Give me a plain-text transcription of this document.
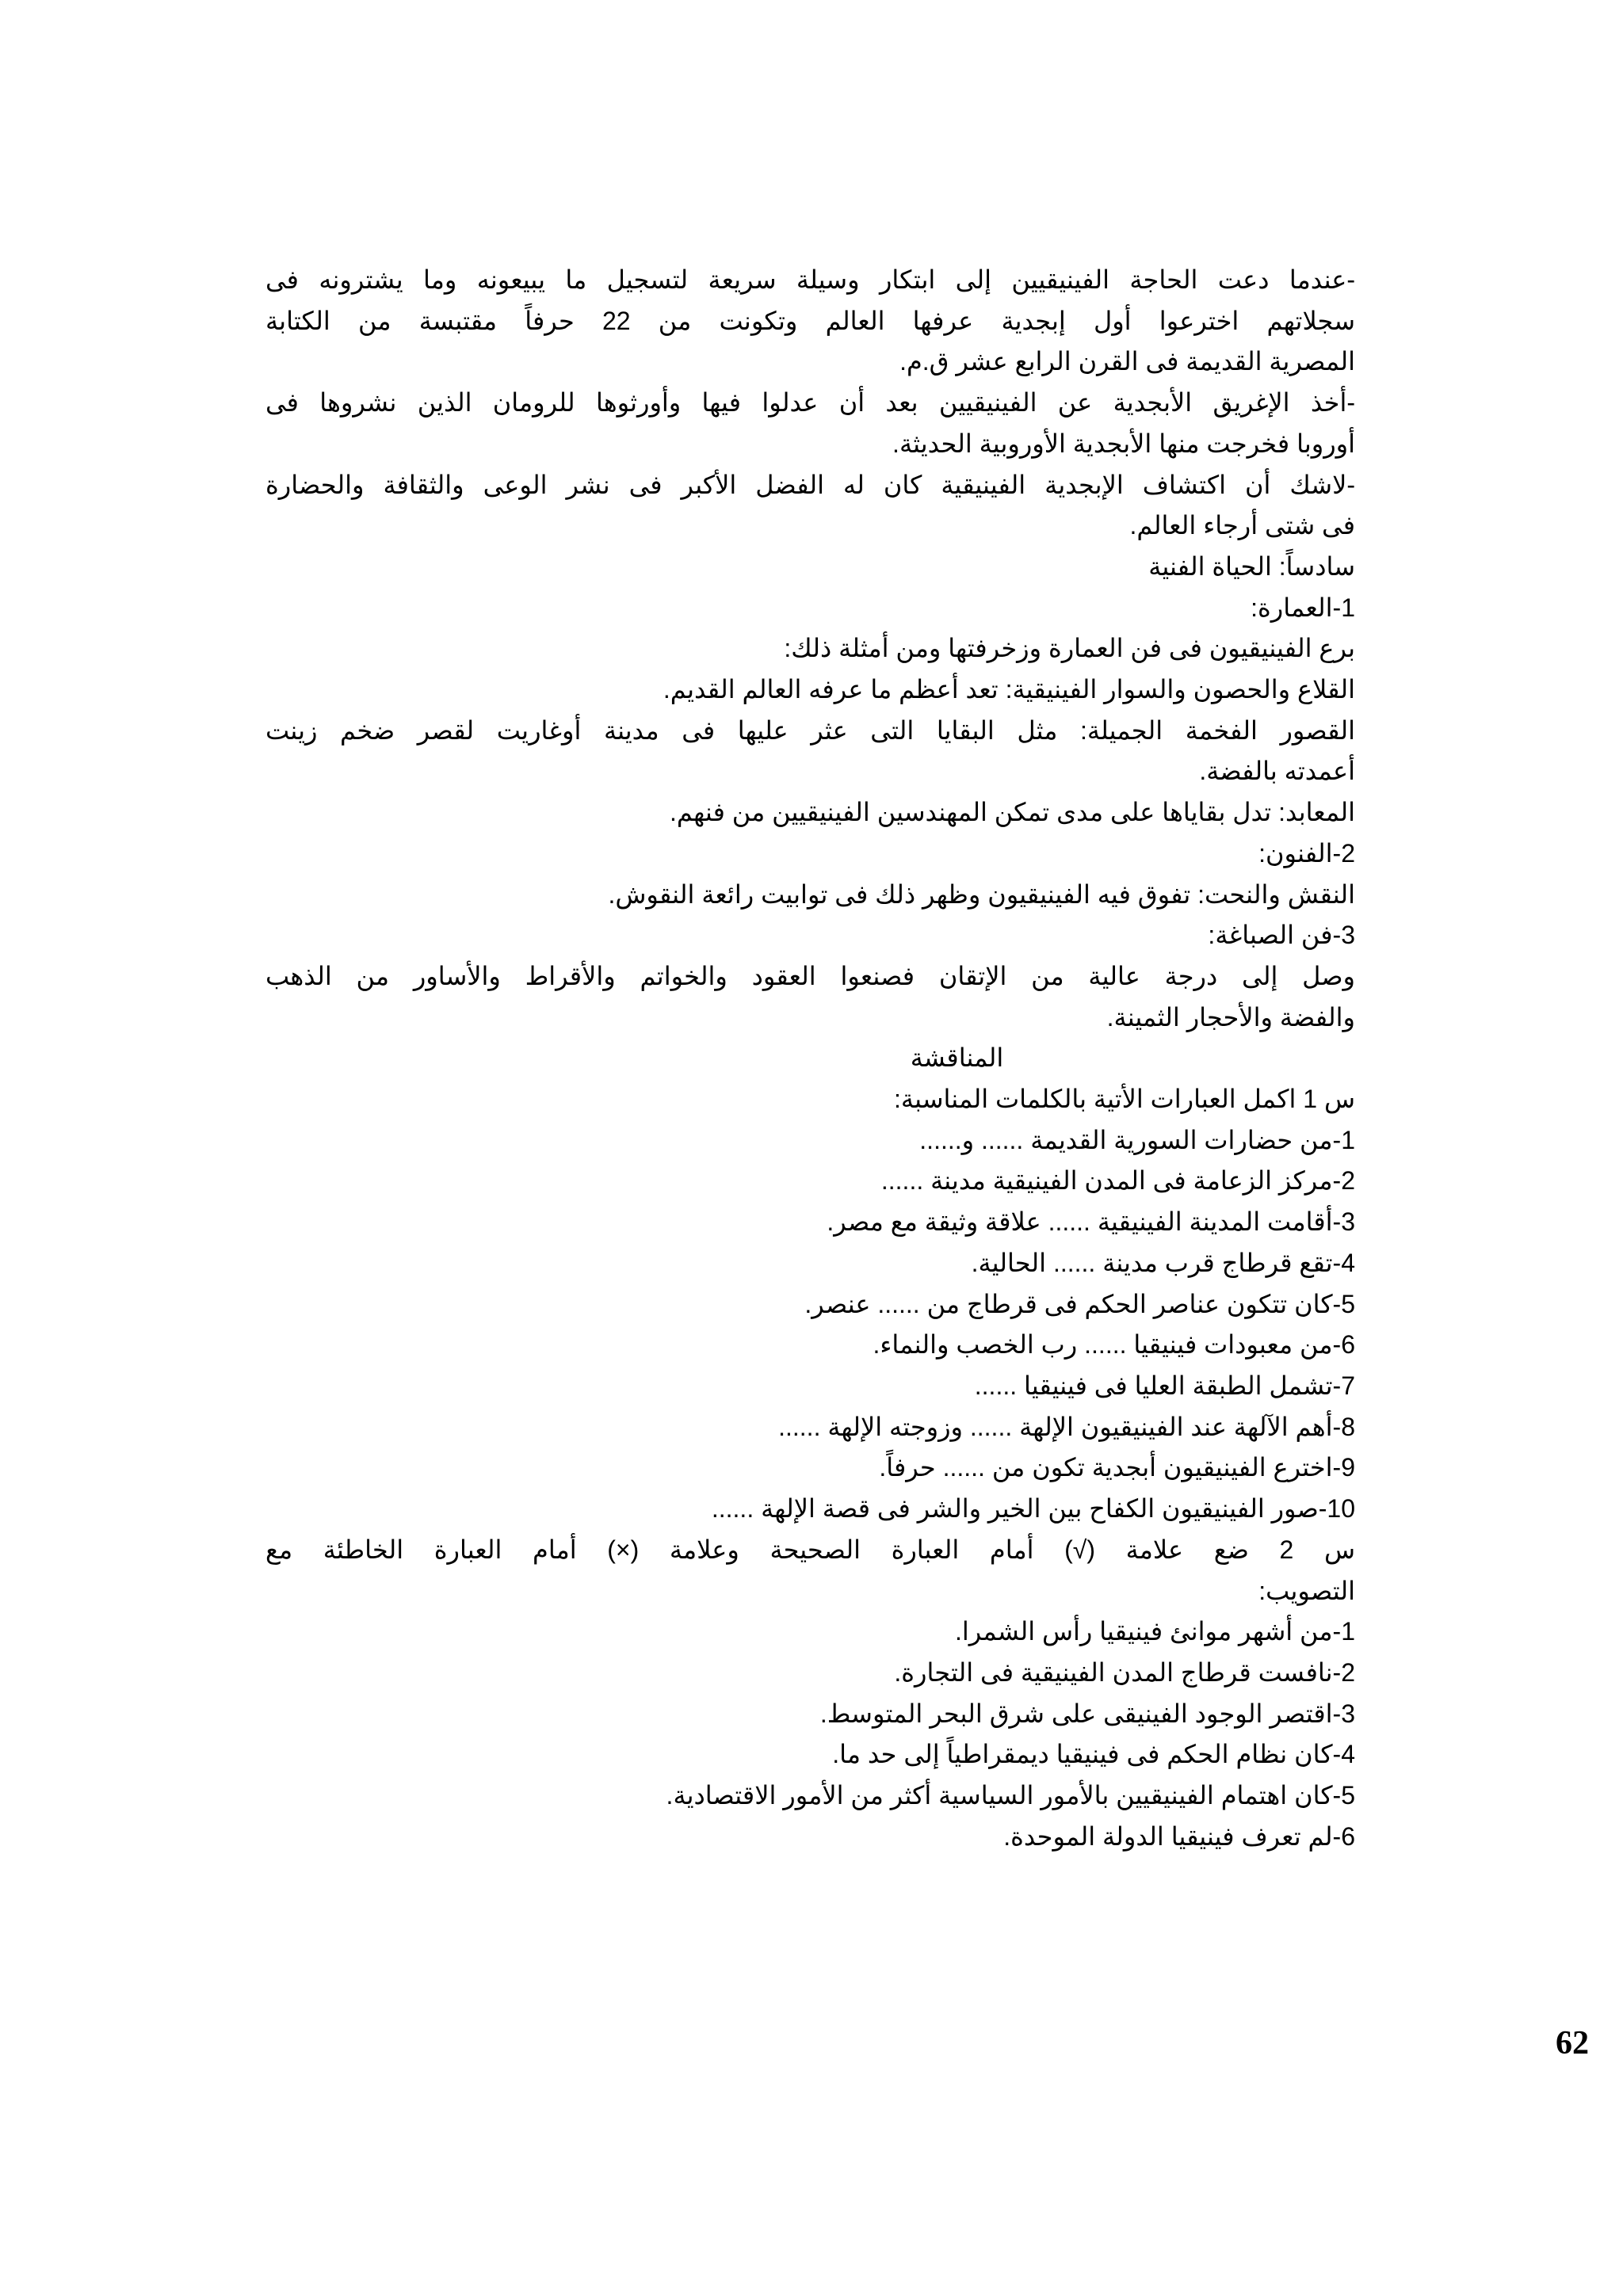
-عندما دعت الحاجة الفينيقيين إلى ابتكار وسيلة سريعة لتسجيل ما يبيعونه وما يشترونه فى
سجلاتهم اخترعوا أول إبجدية عرفها العالم وتكونت من 22 حرفاً مقتبسة من الكتابة
المصرية القديمة فى القرن الرابع عشر ق.م.
-أخذ الإغريق الأبجدية عن الفينيقيين بعد أن عدلوا فيها وأورثوها للرومان الذين نشروها فى
أوروبا فخرجت منها الأبجدية الأوروبية الحديثة.
-لاشك أن اكتشاف الإبجدية الفينيقية كان له الفضل الأكبر فى نشر الوعى والثقافة والحضارة
فى شتى أرجاء العالم.
سادساً: الحياة الفنية
1-العمارة:
برع الفينيقيون فى فن العمارة وزخرفتها ومن أمثلة ذلك:
القلاع والحصون والسوار الفينيقية: تعد أعظم ما عرفه العالم القديم.
القصور الفخمة الجميلة: مثل البقايا التى عثر عليها فى مدينة أوغاريت لقصر ضخم زينت
أعمدته بالفضة.
المعابد: تدل بقاياها على مدى تمكن المهندسين الفينيقيين من فنهم.
2-الفنون:
النقش والنحت: تفوق فيه الفينيقيون وظهر ذلك فى توابيت رائعة النقوش.
3-فن الصباغة:
وصل إلى درجة عالية من الإتقان فصنعوا العقود والخواتم والأقراط والأساور من الذهب
والفضة والأحجار الثمينة.
المناقشة
س 1 اكمل العبارات الأتية بالكلمات المناسبة:
1-من حضارات السورية القديمة ...... و......
2-مركز الزعامة فى المدن الفينيقية مدينة ......
3-أقامت المدينة الفينيقية ...... علاقة وثيقة مع مصر.
4-تقع قرطاج قرب مدينة ...... الحالية.
5-كان تتكون عناصر الحكم فى قرطاج من ...... عنصر.
6-من معبودات فينيقيا ...... رب الخصب والنماء.
7-تشمل الطبقة العليا فى فينيقيا ......
8-أهم الآلهة عند الفينيقيون الإلهة ...... وزوجته الإلهة ......
9-اخترع الفينيقيون أبجدية تكون من ...... حرفاً.
10-صور الفينيقيون الكفاح بين الخير والشر فى قصة الإلهة ......
س 2 ضع علامة (√) أمام العبارة الصحيحة وعلامة (×) أمام العبارة الخاطئة مع
التصويب:
1-من أشهر موانئ فينيقيا رأس الشمرا.
2-نافست قرطاج المدن الفينيقية فى التجارة.
3-اقتصر الوجود الفينيقى على شرق البحر المتوسط.
4-كان نظام الحكم فى فينيقيا ديمقراطياً إلى حد ما.
5-كان اهتمام الفينيقيين بالأمور السياسية أكثر من الأمور الاقتصادية.
6-لم تعرف فينيقيا الدولة الموحدة.
62
